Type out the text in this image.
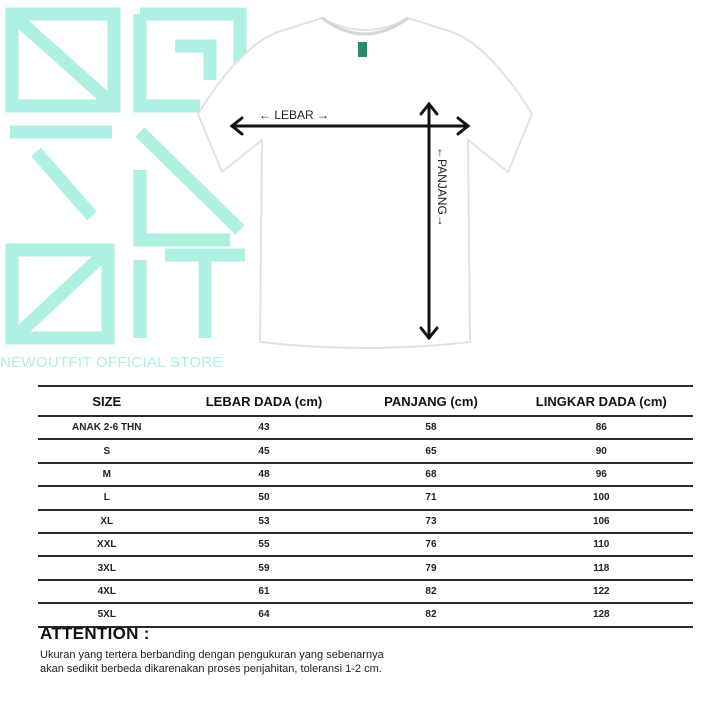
NEWOUTFIT OFFICIAL STORE
← LEBAR →
←PANJANG→
SIZE	LEBAR DADA (cm)	PANJANG (cm)	LINGKAR DADA (cm)
ANAK 2-6 THN	43	58	86
S	45	65	90
M	48	68	96
L	50	71	100
XL	53	73	106
XXL	55	76	110
3XL	59	79	118
4XL	61	82	122
5XL	64	82	128
ATTENTION :
Ukuran yang tertera berbanding dengan pengukuran yang sebenarnya
akan sedikit berbeda dikarenakan proses penjahitan, toleransi 1-2 cm.
